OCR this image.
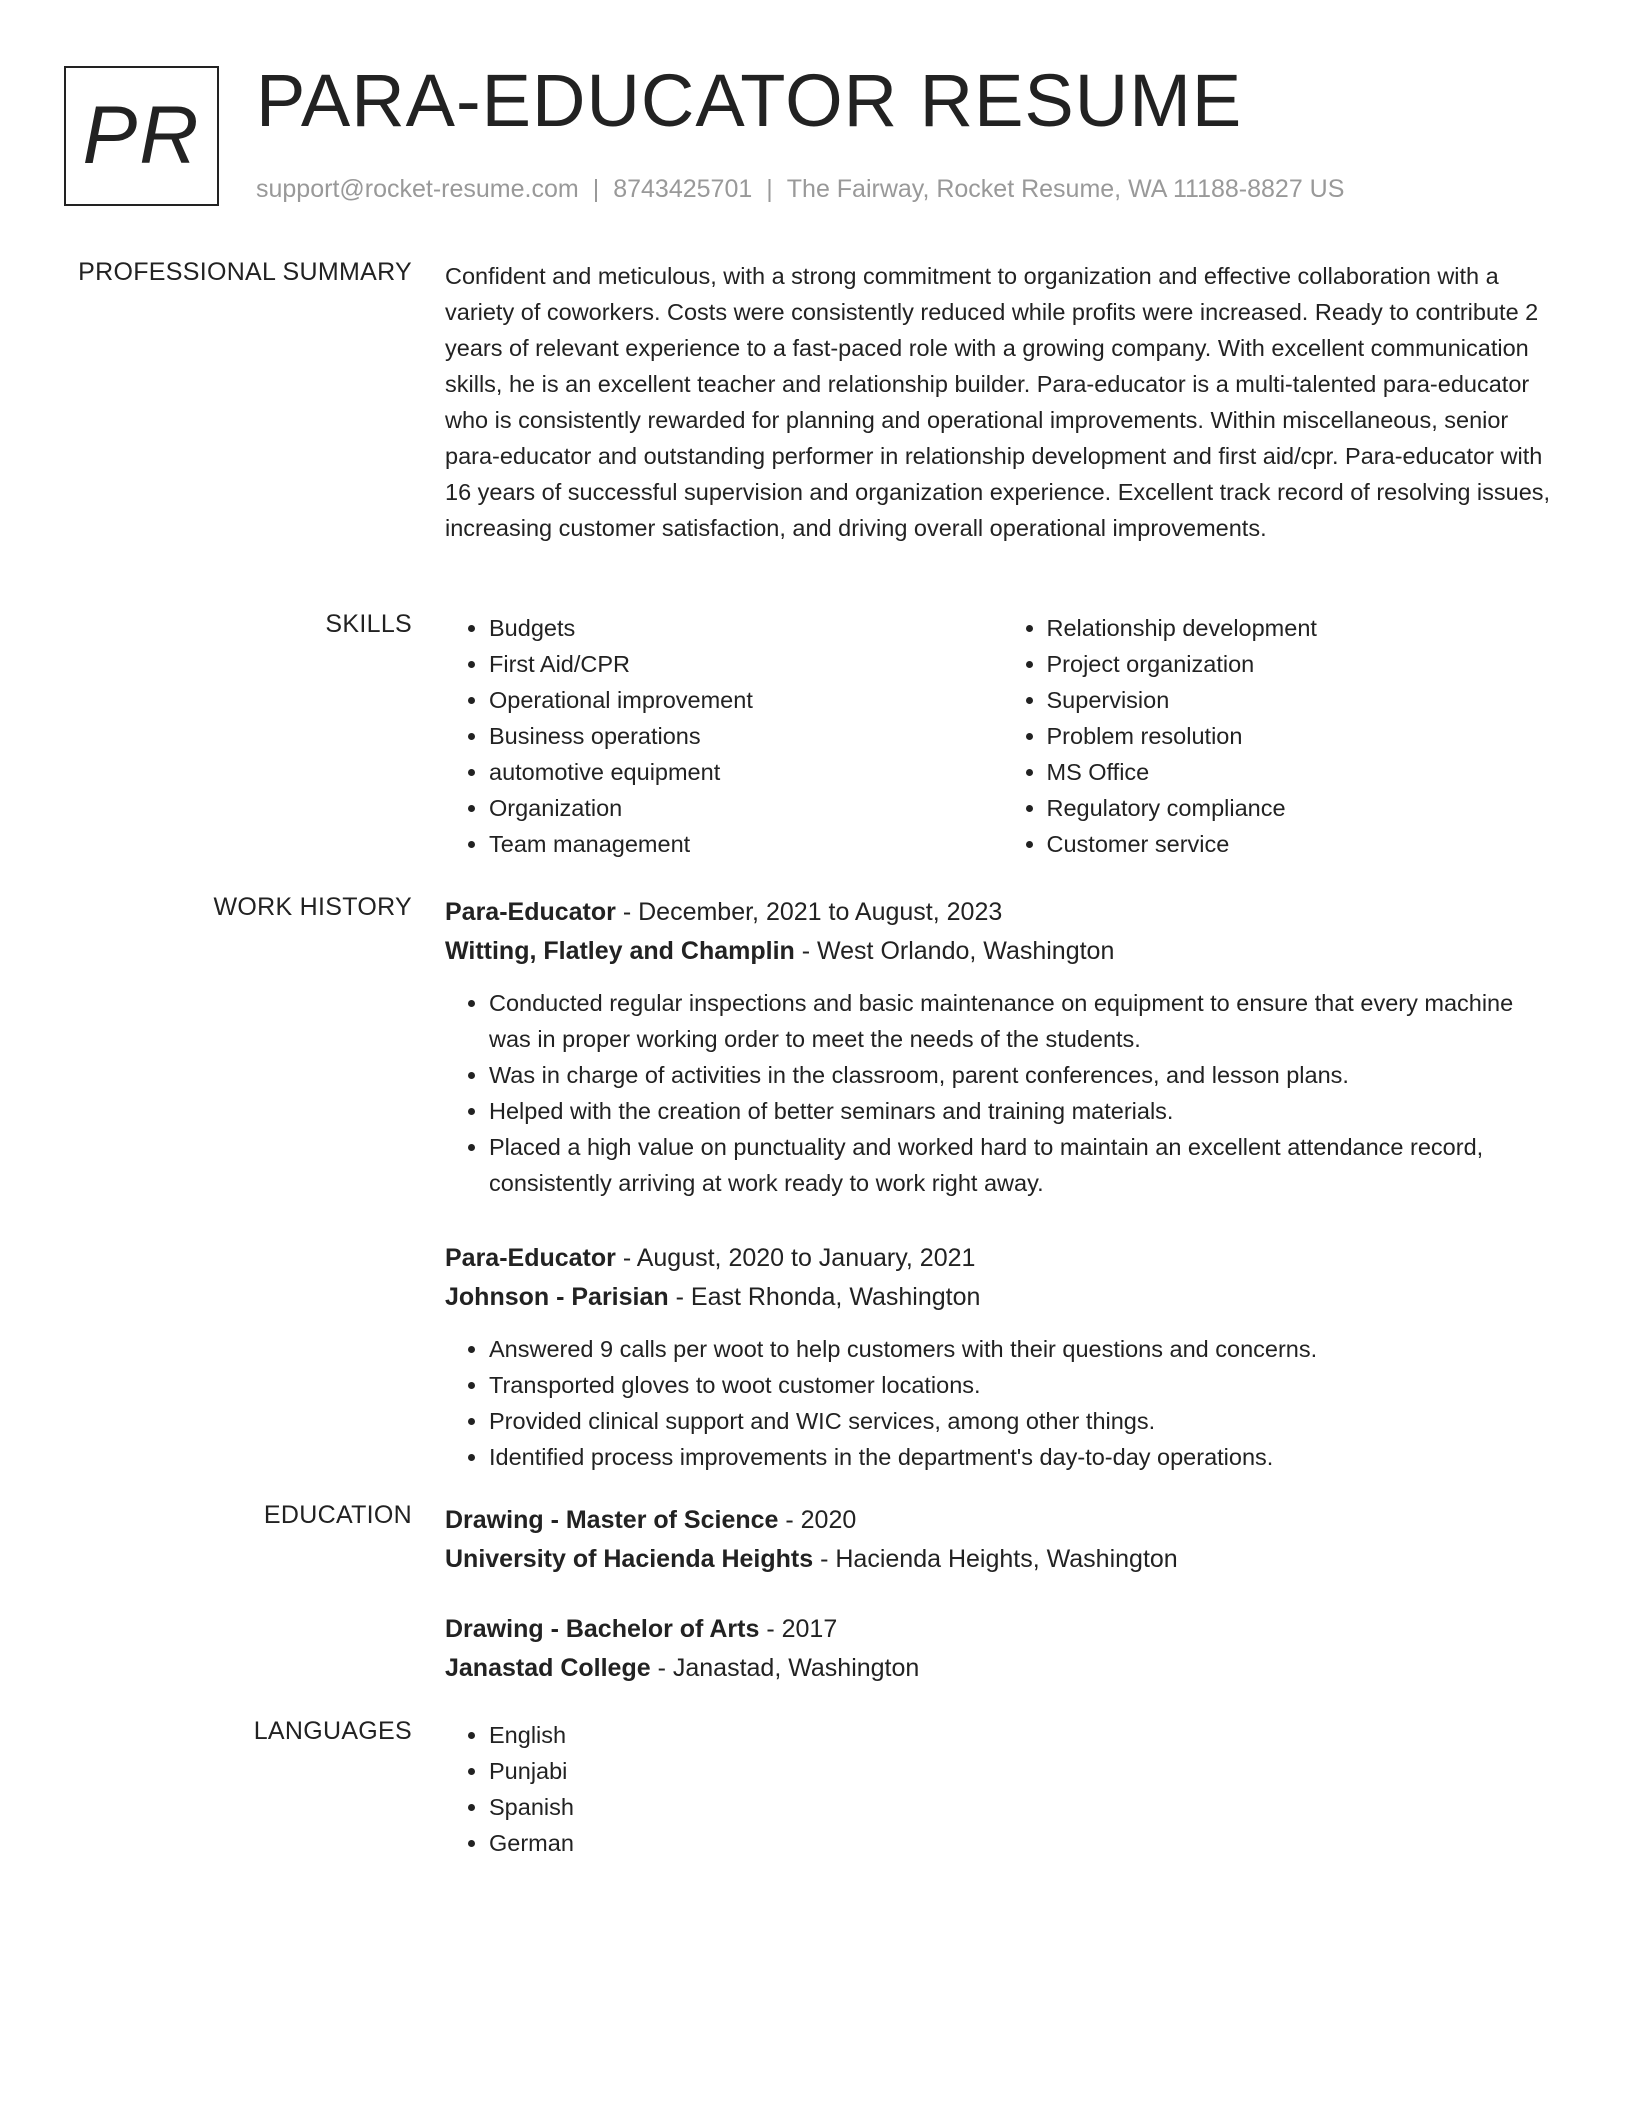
PR PARA-EDUCATOR RESUME
support@rocket-resume.com | 8743425701 | The Fairway, Rocket Resume, WA 11188-8827 US
PROFESSIONAL SUMMARY Confident and meticulous, with a strong commitment to organization and effective collaboration with a variety of coworkers. Costs were consistently reduced while profits were increased. Ready to contribute 2 years of relevant experience to a fast-paced role with a growing company. With excellent communication skills, he is an excellent teacher and relationship builder. Para-educator is a multi-talented para-educator who is consistently rewarded for planning and operational improvements. Within miscellaneous, senior para-educator and outstanding performer in relationship development and first aid/cpr. Para-educator with 16 years of successful supervision and organization experience. Excellent track record of resolving issues, increasing customer satisfaction, and driving overall operational improvements.

SKILLS	• Budgets
• First Aid/CPR
• Operational improvement
• Business operations
• automotive equipment
• Organization
• Team management
• Relationship development
• Project organization
• Supervision
• Problem resolution
• MS Office
• Regulatory compliance
• Customer service
WORK HISTORY Para-Educator - December, 2021 to August, 2023
Witting, Flatley and Champlin - West Orlando, Washington
• Conducted regular inspections and basic maintenance on equipment to ensure that every machine was in proper working order to meet the needs of the students.
• Was in charge of activities in the classroom, parent conferences, and lesson plans.
• Helped with the creation of better seminars and training materials.
• Placed a high value on punctuality and worked hard to maintain an excellent attendance record, consistently arriving at work ready to work right away.
Para-Educator - August, 2020 to January, 2021
Johnson - Parisian - East Rhonda, Washington
• Answered 9 calls per woot to help customers with their questions and concerns.
• Transported gloves to woot customer locations.
• Provided clinical support and WIC services, among other things.
• Identified process improvements in the department's day-to-day operations.
EDUCATION Drawing - Master of Science - 2020
University of Hacienda Heights - Hacienda Heights, Washington
Drawing - Bachelor of Arts - 2017
Janastad College - Janastad, Washington
LANGUAGES	• English
• Punjabi
• Spanish
• German
